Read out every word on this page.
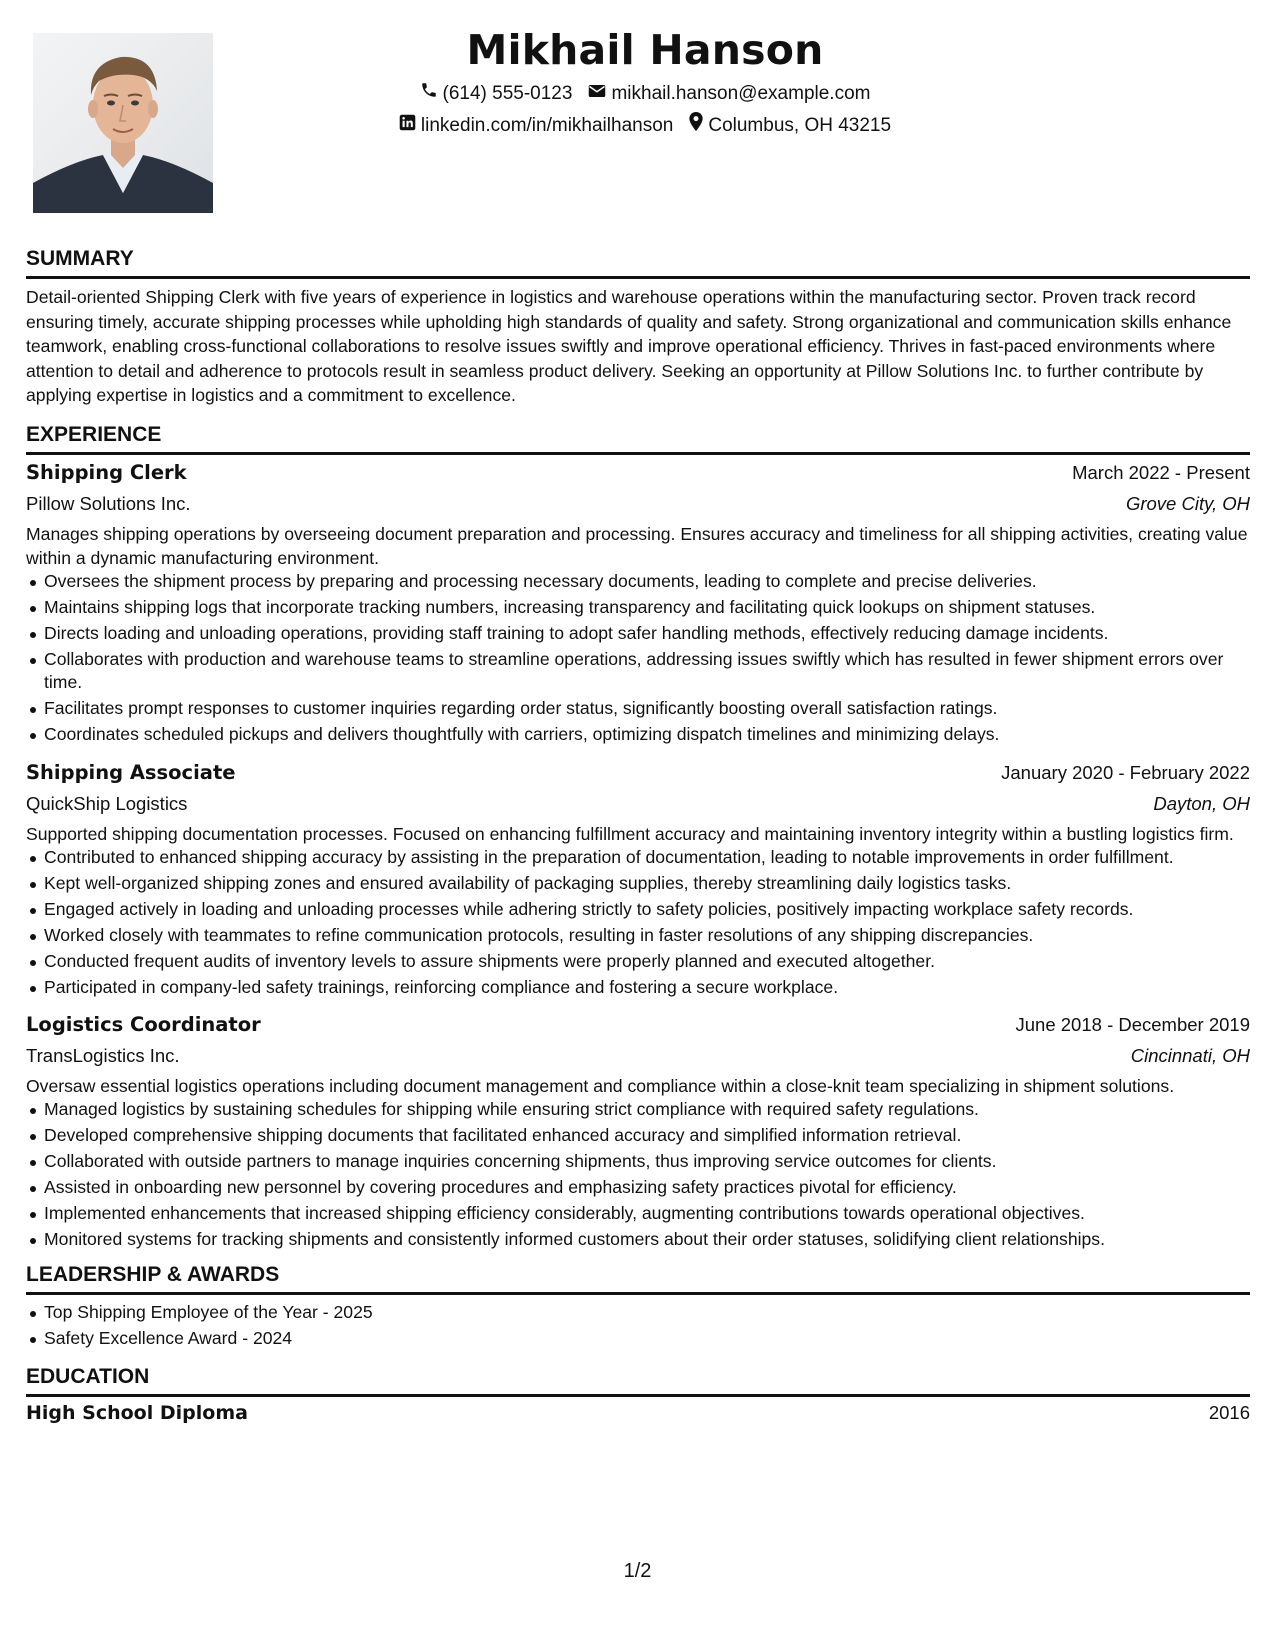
Mikhail Hanson
(614) 555-0123 mikhail.hanson@example.com
linkedin.com/in/mikhailhanson Columbus, OH 43215
SUMMARY
Detail-oriented Shipping Clerk with five years of experience in logistics and warehouse operations within the manufacturing sector. Proven track record ensuring timely, accurate shipping processes while upholding high standards of quality and safety. Strong organizational and communication skills enhance teamwork, enabling cross-functional collaborations to resolve issues swiftly and improve operational efficiency. Thrives in fast-paced environments where attention to detail and adherence to protocols result in seamless product delivery. Seeking an opportunity at Pillow Solutions Inc. to further contribute by applying expertise in logistics and a commitment to excellence.
EXPERIENCE
Shipping Clerk	March 2022 - Present
Pillow Solutions Inc.	Grove City, OH
Manages shipping operations by overseeing document preparation and processing. Ensures accuracy and timeliness for all shipping activities, creating value within a dynamic manufacturing environment.
Oversees the shipment process by preparing and processing necessary documents, leading to complete and precise deliveries.
Maintains shipping logs that incorporate tracking numbers, increasing transparency and facilitating quick lookups on shipment statuses.
Directs loading and unloading operations, providing staff training to adopt safer handling methods, effectively reducing damage incidents.
Collaborates with production and warehouse teams to streamline operations, addressing issues swiftly which has resulted in fewer shipment errors over time.
Facilitates prompt responses to customer inquiries regarding order status, significantly boosting overall satisfaction ratings.
Coordinates scheduled pickups and delivers thoughtfully with carriers, optimizing dispatch timelines and minimizing delays.
Shipping Associate	January 2020 - February 2022
QuickShip Logistics	Dayton, OH
Supported shipping documentation processes. Focused on enhancing fulfillment accuracy and maintaining inventory integrity within a bustling logistics firm.
Contributed to enhanced shipping accuracy by assisting in the preparation of documentation, leading to notable improvements in order fulfillment.
Kept well-organized shipping zones and ensured availability of packaging supplies, thereby streamlining daily logistics tasks.
Engaged actively in loading and unloading processes while adhering strictly to safety policies, positively impacting workplace safety records.
Worked closely with teammates to refine communication protocols, resulting in faster resolutions of any shipping discrepancies.
Conducted frequent audits of inventory levels to assure shipments were properly planned and executed altogether.
Participated in company-led safety trainings, reinforcing compliance and fostering a secure workplace.
Logistics Coordinator	June 2018 - December 2019
TransLogistics Inc.	Cincinnati, OH
Oversaw essential logistics operations including document management and compliance within a close-knit team specializing in shipment solutions.
Managed logistics by sustaining schedules for shipping while ensuring strict compliance with required safety regulations.
Developed comprehensive shipping documents that facilitated enhanced accuracy and simplified information retrieval.
Collaborated with outside partners to manage inquiries concerning shipments, thus improving service outcomes for clients.
Assisted in onboarding new personnel by covering procedures and emphasizing safety practices pivotal for efficiency.
Implemented enhancements that increased shipping efficiency considerably, augmenting contributions towards operational objectives.
Monitored systems for tracking shipments and consistently informed customers about their order statuses, solidifying client relationships.
LEADERSHIP & AWARDS
Top Shipping Employee of the Year - 2025
Safety Excellence Award - 2024
EDUCATION
High School Diploma	2016
1/2
